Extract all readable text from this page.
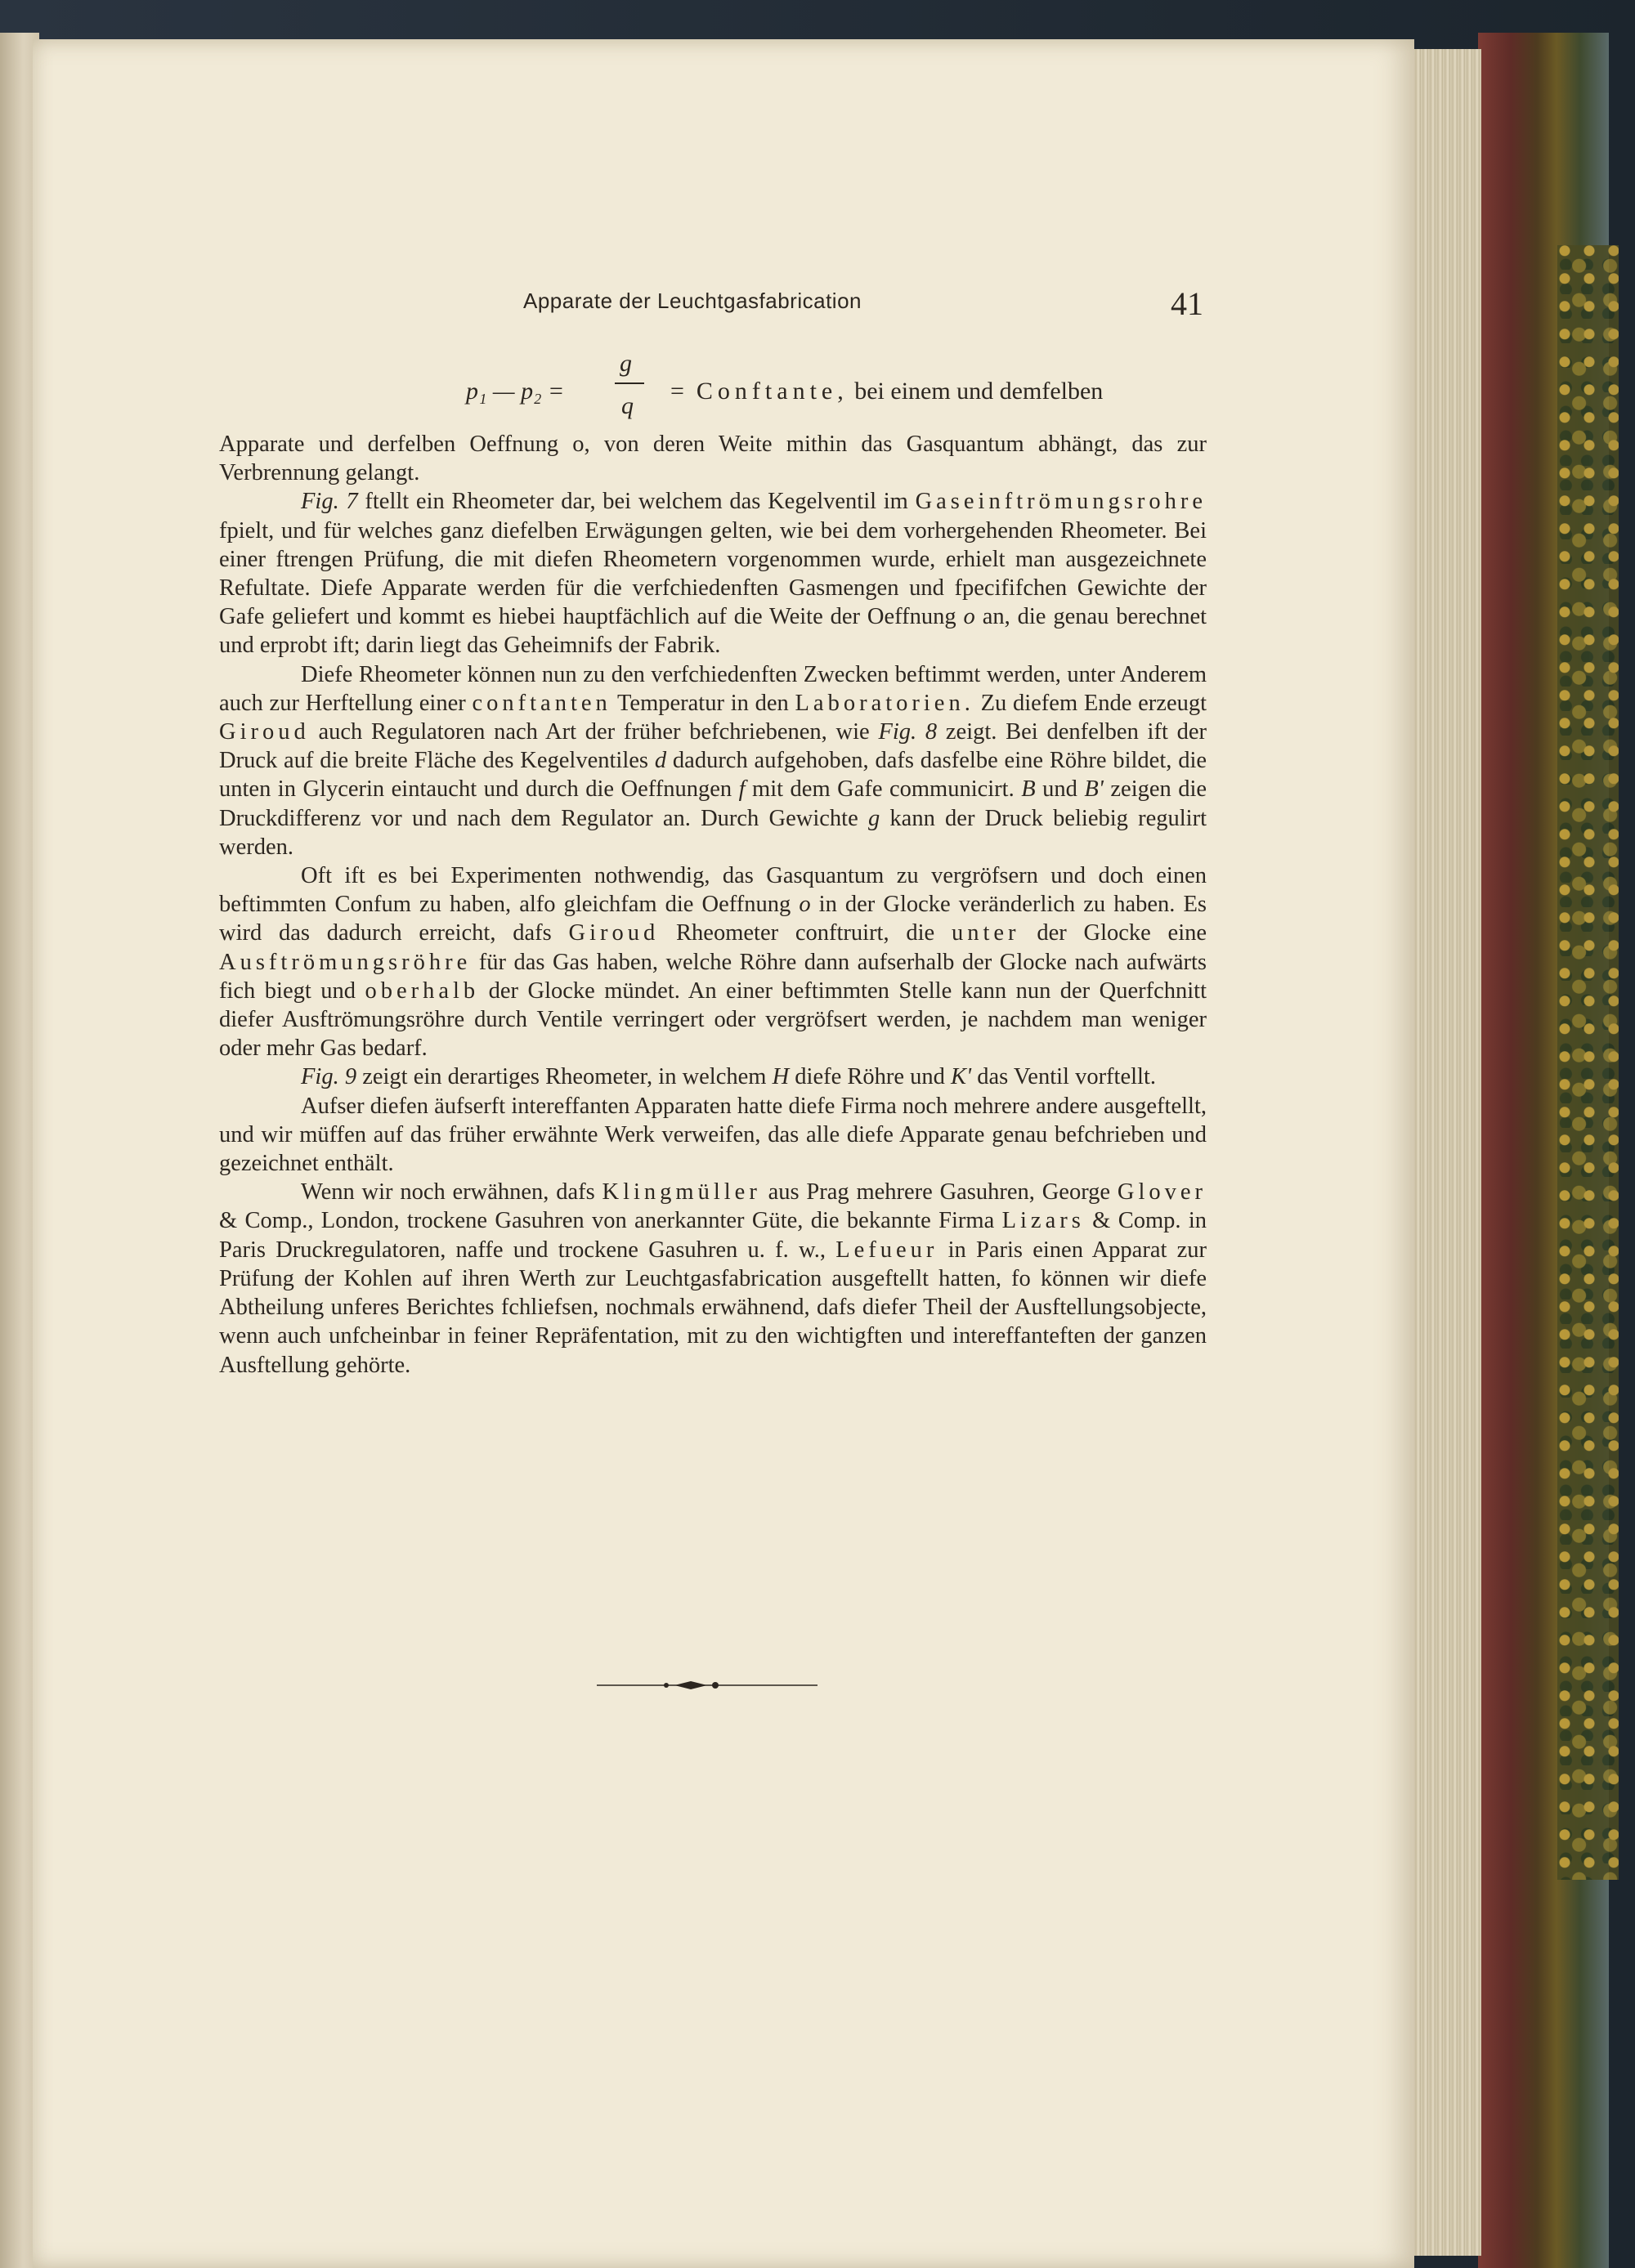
Apparate der Leuchtgasfabrication	41
p₁ — p₂ =
g
q
= Conftante, bei einem und demfelben

Apparate und derfelben Oeffnung o, von deren Weite mithin das Gasquantum abhängt, das zur Verbrennung gelangt.

Fig. 7 ftellt ein Rheometer dar, bei welchem das Kegelventil im Gaseinftrömungsrohre fpielt, und für welches ganz diefelben Erwägungen gelten, wie bei dem vorhergehenden Rheometer. Bei einer ftrengen Prüfung, die mit diefen Rheometern vorgenommen wurde, erhielt man ausgezeichnete Refultate. Diefe Apparate werden für die verfchiedenften Gasmengen und fpecififchen Gewichte der Gafe geliefert und kommt es hiebei hauptfächlich auf die Weite der Oeffnung o an, die genau berechnet und erprobt ift; darin liegt das Geheimnifs der Fabrik.

Diefe Rheometer können nun zu den verfchiedenften Zwecken beftimmt werden, unter Anderem auch zur Herftellung einer conftanten Temperatur in den Laboratorien. Zu diefem Ende erzeugt Giroud auch Regulatoren nach Art der früher befchriebenen, wie Fig. 8 zeigt. Bei denfelben ift der Druck auf die breite Fläche des Kegelventiles d dadurch aufgehoben, dafs dasfelbe eine Röhre bildet, die unten in Glycerin eintaucht und durch die Oeffnungen f mit dem Gafe communicirt. B und B' zeigen die Druckdifferenz vor und nach dem Regulator an. Durch Gewichte g kann der Druck beliebig regulirt werden.

Oft ift es bei Experimenten nothwendig, das Gasquantum zu vergröfsern und doch einen beftimmten Confum zu haben, alfo gleichfam die Oeffnung o in der Glocke veränderlich zu haben. Es wird das dadurch erreicht, dafs Giroud Rheometer conftruirt, die unter der Glocke eine Ausftrömungsröhre für das Gas haben, welche Röhre dann aufserhalb der Glocke nach aufwärts fich biegt und oberhalb der Glocke mündet. An einer beftimmten Stelle kann nun der Querfchnitt diefer Ausftrömungsröhre durch Ventile verringert oder vergröfsert werden, je nachdem man weniger oder mehr Gas bedarf.

Fig. 9 zeigt ein derartiges Rheometer, in welchem H diefe Röhre und K' das Ventil vorftellt.

Aufser diefen äufserft intereffanten Apparaten hatte diefe Firma noch mehrere andere ausgeftellt, und wir müffen auf das früher erwähnte Werk verweifen, das alle diefe Apparate genau befchrieben und gezeichnet enthält.

Wenn wir noch erwähnen, dafs Klingmüller aus Prag mehrere Gasuhren, George Glover & Comp., London, trockene Gasuhren von anerkannter Güte, die bekannte Firma Lizars & Comp. in Paris Druckregulatoren, naffe und trockene Gasuhren u. f. w., Lefueur in Paris einen Apparat zur Prüfung der Kohlen auf ihren Werth zur Leuchtgasfabrication ausgeftellt hatten, fo können wir diefe Abtheilung unferes Berichtes fchliefsen, nochmals erwähnend, dafs diefer Theil der Ausftellungsobjecte, wenn auch unfcheinbar in feiner Repräfentation, mit zu den wichtigften und intereffanteften der ganzen Ausftellung gehörte.
